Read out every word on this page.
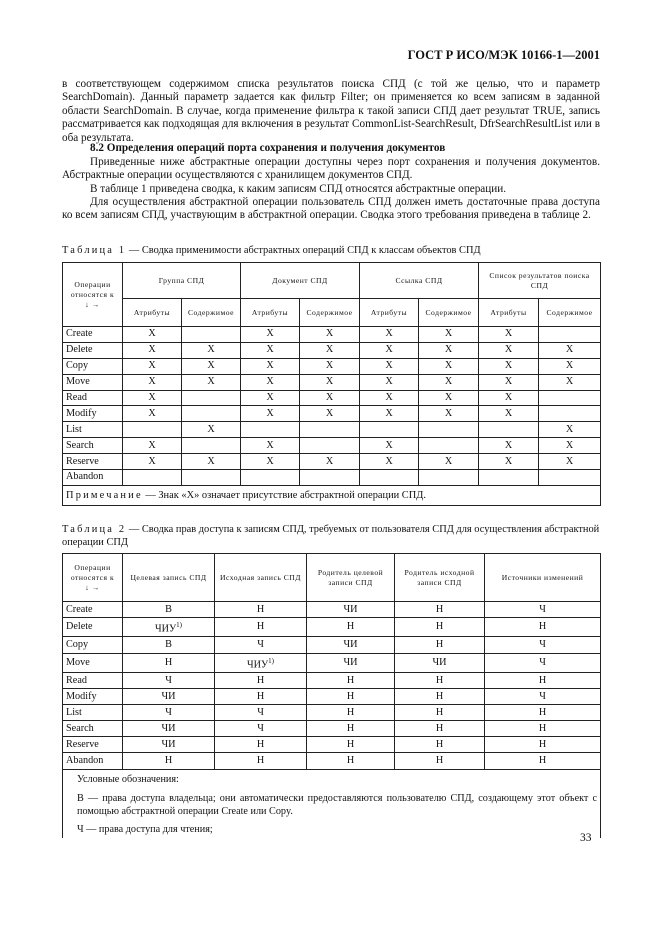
ГОСТ Р ИСО/МЭК 10166-1—2001

в соответствующем содержимом списка результатов поиска СПД (с той же целью, что и параметр SearchDomain). Данный параметр задается как фильтр Filter; он применяется ко всем записям в заданной области SearchDomain. В случае, когда применение фильтра к такой записи СПД дает результат TRUE, запись рассматривается как подходящая для включения в результат CommonList-SearchResult, DfrSearchResultList или в оба результата.

8.2 Определения операций порта сохранения и получения документов

Приведенные ниже абстрактные операции доступны через порт сохранения и получения документов. Абстрактные операции осуществляются с хранилищем документов СПД.

В таблице 1 приведена сводка, к каким записям СПД относятся абстрактные операции.

Для осуществления абстрактной операции пользователь СПД должен иметь достаточные права доступа ко всем записям СПД, участвующим в абстрактной операции. Сводка этого требования приведена в таблице 2.

Таблица 1 — Сводка применимости абстрактных операций СПД к классам объектов СПД
Операции относятся к
↓ →	Группа СПД		Документ СПД		Ссылка СПД		Список результатов поиска СПД	
	Атрибуты	Содержимое	Атрибуты	Содержимое	Атрибуты	Содержимое	Атрибуты	Содержимое
Create	X		X	X	X	X	X	
Delete	X	X	X	X	X	X	X	X
Copy	X	X	X	X	X	X	X	X
Move	X	X	X	X	X	X	X	X
Read	X		X	X	X	X	X	
Modify	X		X	X	X	X	X	
List		X						X
Search	X		X		X		X	X
Reserve	X	X	X	X	X	X	X	X
Abandon								
Примечание — Знак «X» означает присутствие абстрактной операции СПД.								
Таблица 2 — Сводка прав доступа к записям СПД, требуемых от пользователя СПД для осуществления абстрактной операции СПД
Операции относятся к
↓ →	Целевая запись СПД	Исходная запись СПД	Родитель целевой записи СПД	Родитель исходной записи СПД	Источники изменений
Create	В	Н	ЧИ	Н	Ч
Delete	ЧИУ$^{1)}$	Н	Н	Н	Н
Copy	В	Ч	ЧИ	Н	Ч
Move	Н	ЧИУ$^{1)}$	ЧИ	ЧИ	Ч
Read	Ч	Н	Н	Н	Н
Modify	ЧИ	Н	Н	Н	Ч
List	Ч	Ч	Н	Н	Н
Search	ЧИ	Ч	Н	Н	Н
Reserve	ЧИ	Н	Н	Н	Н
Abandon	Н	Н	Н	Н	Н
Условные обозначения:					
В — права доступа владельца; они автоматически предоставляются пользователю СПД, создающему этот объект с помощью абстрактной операции Create или Copy.					
Ч — права доступа для чтения;					
33
